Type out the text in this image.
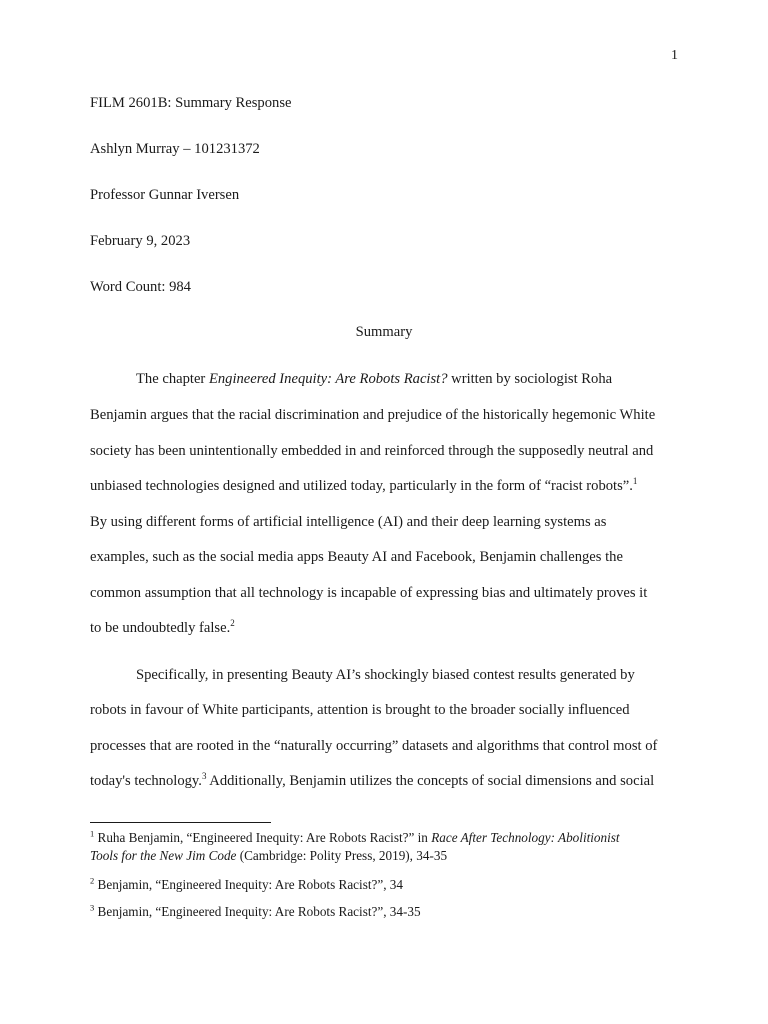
1
FILM 2601B: Summary Response
Ashlyn Murray – 101231372
Professor Gunnar Iversen
February 9, 2023
Word Count: 984
Summary
The chapter Engineered Inequity: Are Robots Racist? written by sociologist Roha
Benjamin argues that the racial discrimination and prejudice of the historically hegemonic White
society has been unintentionally embedded in and reinforced through the supposedly neutral and
unbiased technologies designed and utilized today, particularly in the form of “racist robots”.$^1$
By using different forms of artificial intelligence (AI) and their deep learning systems as
examples, such as the social media apps Beauty AI and Facebook, Benjamin challenges the
common assumption that all technology is incapable of expressing bias and ultimately proves it
to be undoubtedly false.$^2$
Specifically, in presenting Beauty AI’s shockingly biased contest results generated by
robots in favour of White participants, attention is brought to the broader socially influenced
processes that are rooted in the “naturally occurring” datasets and algorithms that control most of
today's technology.$^3$ Additionally, Benjamin utilizes the concepts of social dimensions and social
$^1$ Ruha Benjamin, “Engineered Inequity: Are Robots Racist?” in Race After Technology: Abolitionist
Tools for the New Jim Code (Cambridge: Polity Press, 2019), 34-35
$^2$ Benjamin, “Engineered Inequity: Are Robots Racist?”, 34
$^3$ Benjamin, “Engineered Inequity: Are Robots Racist?”, 34-35
